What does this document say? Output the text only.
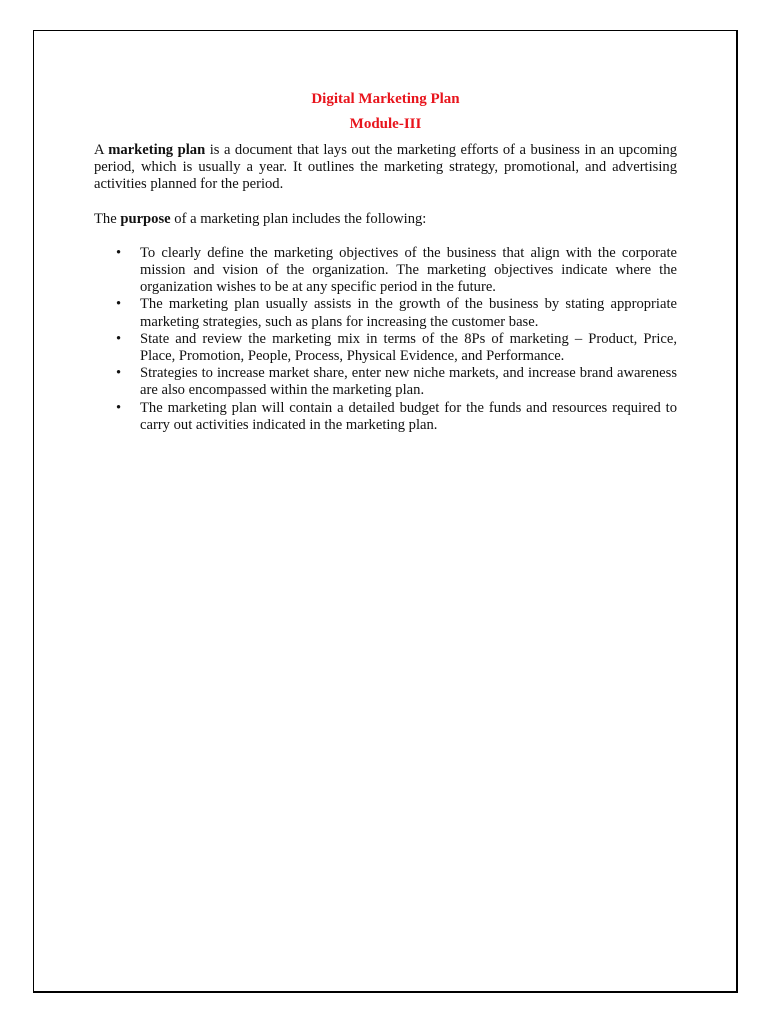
Digital Marketing Plan

Module-III

A marketing plan is a document that lays out the marketing efforts of a business in an upcoming period, which is usually a year. It outlines the marketing strategy, promotional, and advertising activities planned for the period.

The purpose of a marketing plan includes the following:

•	To clearly define the marketing objectives of the business that align with the corporate mission and vision of the organization. The marketing objectives indicate where the organization wishes to be at any specific period in the future.
•	The marketing plan usually assists in the growth of the business by stating appropriate marketing strategies, such as plans for increasing the customer base.
•	State and review the marketing mix in terms of the 8Ps of marketing – Product, Price, Place, Promotion, People, Process, Physical Evidence, and Performance.
•	Strategies to increase market share, enter new niche markets, and increase brand awareness are also encompassed within the marketing plan.
•	The marketing plan will contain a detailed budget for the funds and resources required to carry out activities indicated in the marketing plan.
